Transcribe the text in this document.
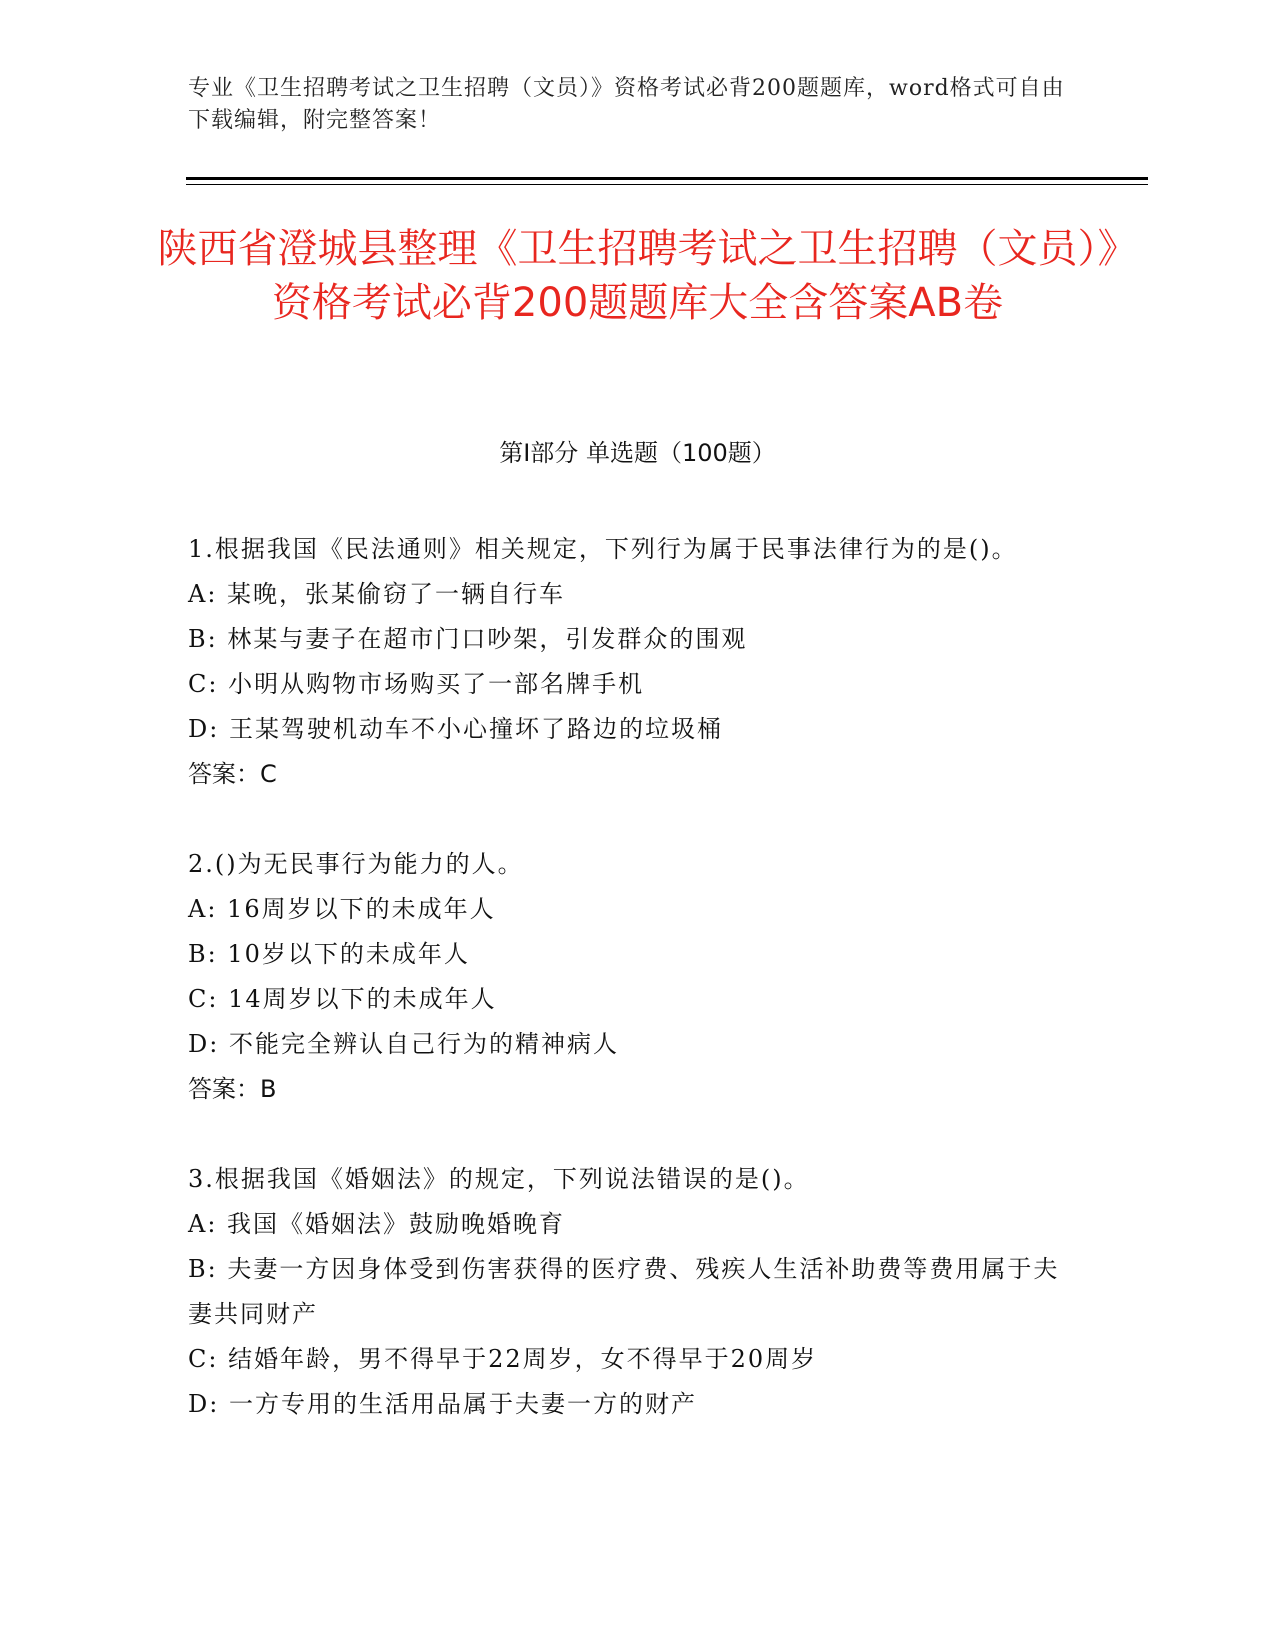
专业《卫生招聘考试之卫生招聘（文员）》资格考试必背200题题库，word格式可自由下载编辑，附完整答案！
陕西省澄城县整理《卫生招聘考试之卫生招聘（文员）》资格考试必背200题题库大全含答案AB卷
第I部分 单选题（100题）

1.根据我国《民法通则》相关规定，下列行为属于民事法律行为的是()。

A: 某晚，张某偷窃了一辆自行车

B: 林某与妻子在超市门口吵架，引发群众的围观

C: 小明从购物市场购买了一部名牌手机

D: 王某驾驶机动车不小心撞坏了路边的垃圾桶

答案：C

2.()为无民事行为能力的人。

A: 16周岁以下的未成年人

B: 10岁以下的未成年人

C: 14周岁以下的未成年人

D: 不能完全辨认自己行为的精神病人

答案：B

3.根据我国《婚姻法》的规定，下列说法错误的是()。

A: 我国《婚姻法》鼓励晚婚晚育

B: 夫妻一方因身体受到伤害获得的医疗费、残疾人生活补助费等费用属于夫妻共同财产

C: 结婚年龄，男不得早于22周岁，女不得早于20周岁

D: 一方专用的生活用品属于夫妻一方的财产
